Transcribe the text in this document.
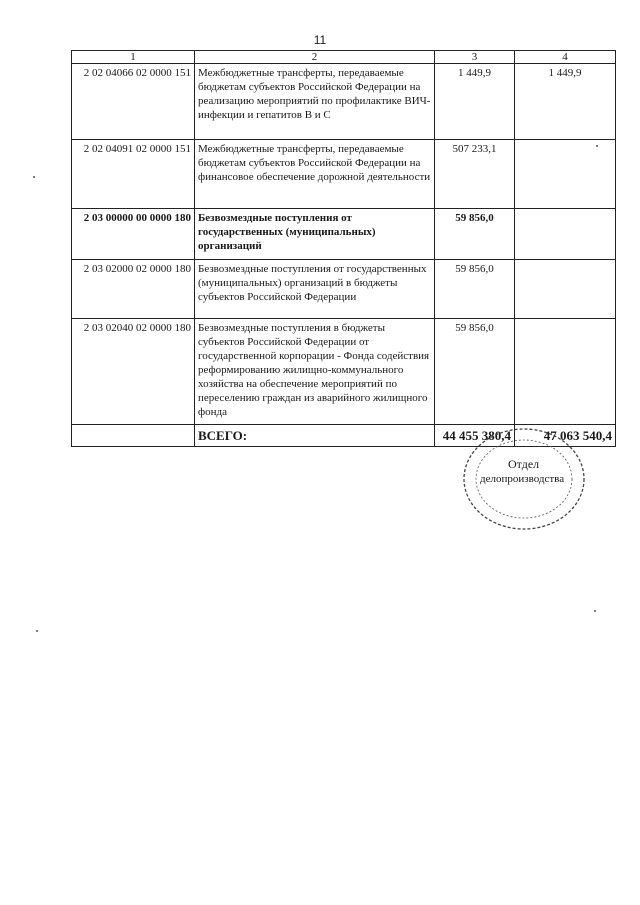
11
1	2	3	4
2 02 04066 02 0000 151	Межбюджетные трансферты, передаваемые бюджетам субъектов Российской Федерации на реализацию мероприятий по профилактике ВИЧ-инфекции и гепатитов В и С	1 449,9	1 449,9
2 02 04091 02 0000 151	Межбюджетные трансферты, передаваемые бюджетам субъектов Российской Федерации на финансовое обеспечение дорожной деятельности	507 233,1	
2 03 00000 00 0000 180	Безвозмездные поступления от государственных (муниципальных) организаций	59 856,0	
2 03 02000 02 0000 180	Безвозмездные поступления от государственных (муниципальных) организаций в бюджеты субъектов Российской Федерации	59 856,0	
2 03 02040 02 0000 180	Безвозмездные поступления в бюджеты субъектов Российской Федерации от государственной корпорации - Фонда содействия реформированию жилищно-коммунального хозяйства на обеспечение мероприятий по переселению граждан из аварийного жилищного фонда	59 856,0	
	ВСЕГО:	44 455 380,4	47 063 540,4
Отдел
делопроизводства
